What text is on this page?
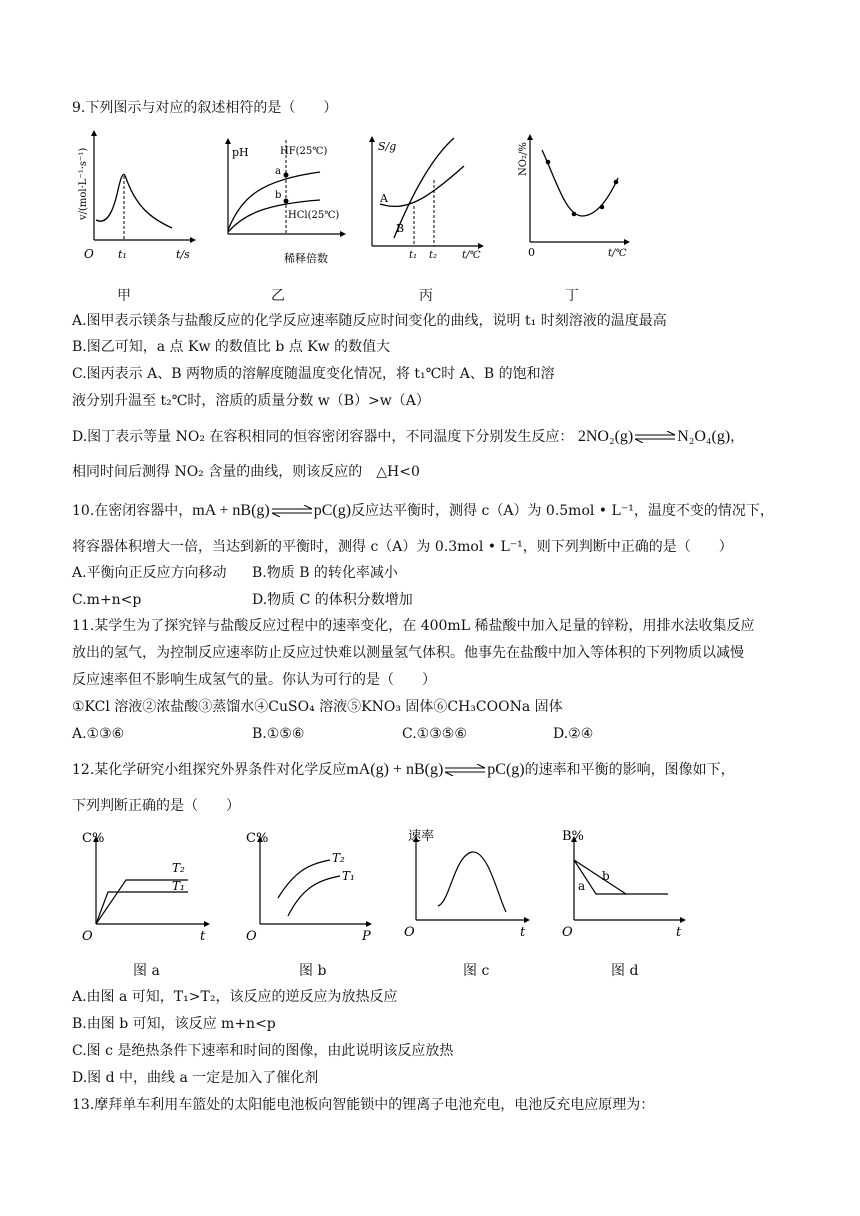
9.下列图示与对应的叙述相符的是（　　）
v/(mol·L⁻¹·s⁻¹)
O t₁	t/s
甲
pH	HF(25℃)
a
b
HCl(25℃)
稀释倍数
乙
S/g
A
B
t₁ t₂ t/℃
丙
NO₂/%
0	t/℃
丁
A.图甲表示镁条与盐酸反应的化学反应速率随反应时间变化的曲线，说明 t₁ 时刻溶液的温度最高
B.图乙可知，a 点 Kw 的数值比 b 点 Kw 的数值大
C.图丙表示 A、B 两物质的溶解度随温度变化情况，将 t₁℃时 A、B 的饱和溶
液分别升温至 t₂℃时，溶质的质量分数 w（B）>w（A）
D.图丁表示等量 NO₂ 在容积相同的恒容密闭容器中，不同温度下分别发生反应： 2NO₂(g)⇌N₂O₄(g)，
相同时间后测得 NO₂ 含量的曲线，则该反应的　△H<0
10.在密闭容器中，mA + nB(g)⇌pC(g)反应达平衡时，测得 c（A）为 0.5mol • L⁻¹，温度不变的情况下，
将容器体积增大一倍，当达到新的平衡时，测得 c（A）为 0.3mol • L⁻¹，则下列判断中正确的是（　　）
A.平衡向正反应方向移动 B.物质 B 的转化率减小
C.m+n<p	D.物质 C 的体积分数增加
11.某学生为了探究锌与盐酸反应过程中的速率变化，在 400mL 稀盐酸中加入足量的锌粉，用排水法收集反应
放出的氢气，为控制反应速率防止反应过快难以测量氢气体积。他事先在盐酸中加入等体积的下列物质以减慢
反应速率但不影响生成氢气的量。你认为可行的是（　　）
①KCl 溶液②浓盐酸③蒸馏水④CuSO₄ 溶液⑤KNO₃ 固体⑥CH₃COONa 固体
A.①③⑥	B.①⑤⑥	C.①③⑤⑥	D.②④
12.某化学研究小组探究外界条件对化学反应mA(g) + nB(g)⇌pC(g)的速率和平衡的影响，图像如下，
下列判断正确的是（　　）
C%
T₂
T₁
O	t
图 a
C%
T₂
T₁
O	P
图 b
速率
O	t
图 c
B%
b
a
O	t
图 d
A.由图 a 可知，T₁>T₂，该反应的逆反应为放热反应
B.由图 b 可知，该反应 m+n<p
C.图 c 是绝热条件下速率和时间的图像，由此说明该反应放热
D.图 d 中，曲线 a 一定是加入了催化剂
13.摩拜单车利用车篮处的太阳能电池板向智能锁中的锂离子电池充电，电池反充电应原理为：
